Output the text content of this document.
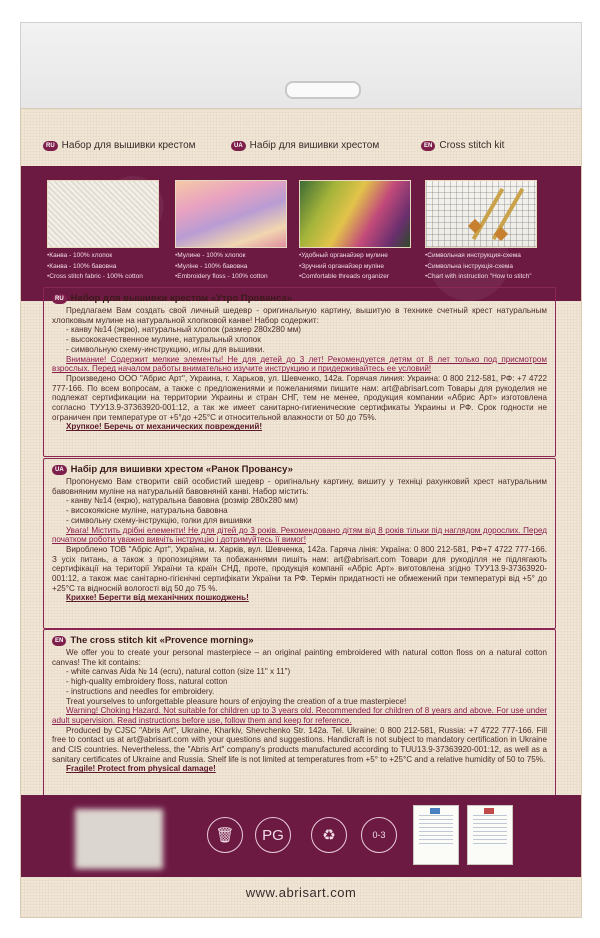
RU Набор для вышивки крестом	UA Набір для вишивки хрестом	EN Cross stitch kit
• Канва - 100% хлопок
• Канва - 100% бавовна
• Cross stitch fabric - 100% cotton
• Мулине - 100% хлопок
• Муліне - 100% бавовна
• Embroidery floss - 100% cotton
• Удобный органайзер мулине
• Зручний органайзер муліне
• Comfortable threads organizer
• Символьная инструкция-схема
• Символьна інструкція-схема
• Chart with instruction "How to stitch"
RU Набор для вышивки крестом «Утро Прованса»

Предлагаем Вам создать свой личный шедевр - оригинальную картину, вышитую в технике счетный крест натуральным хлопковым мулине на натуральной хлопковой канве! Набор содержит:

- канву №14 (экрю), натуральный хлопок (размер 280x280 мм)
- высококачественное мулине, натуральный хлопок
- символьную схему-инструкцию, иглы для вышивки.

Внимание! Содержит мелкие элементы! Не для детей до 3 лет! Рекомендуется детям от 8 лет только под присмотром взрослых. Перед началом работы внимательно изучите инструкцию и придерживайтесь ее условий!

Произведено ООО "Абрис Арт", Украина, г. Харьков, ул. Шевченко, 142а. Горячая линия: Украина: 0 800 212-581, РФ: +7 4722 777-166. По всем вопросам, а также с предложениями и пожеланиями пишите нам: art@abrisart.com Товары для рукоделия не подлежат сертификации на территории Украины и стран СНГ, тем не менее, продукция компании «Абрис Арт» изготовлена согласно ТУУ13.9-37363920-001:12, а так же имеет санитарно-гигиенические сертификаты Украины и РФ. Срок годности не ограничен при температуре от +5°до +25°С и относительной влажности от 50 до 75%.

Хрупкое! Беречь от механических повреждений!

UA Набір для вишивки хрестом «Ранок Провансу»

Пропонуємо Вам створити свій особистий шедевр - оригінальну картину, вишиту у техніці рахунковий хрест натуральним бавовняним муліне на натуральній бавовняній канві. Набор містить:

- канву №14 (екрю), натуральна бавовна (розмір 280x280 мм)
- високоякісне муліне, натуральна бавовна
- символьну схему-інструкцію, голки для вишивки

Увага! Містить дрібні елементи! Не для дітей до 3 років. Рекомендовано дітям від 8 років тільки під наглядом дорослих. Перед початком роботи уважно вивчіть інструкцію і дотримуйтесь її вимог!

Виробленo ТОВ "Абріс Арт", Україна, м. Харків, вул. Шевченка, 142а. Гаряча лінія: Україна: 0 800 212-581, РФ+7 4722 777-166. З усіх питань, а також з пропозиціями та побажаннями пишіть нам: art@abrisart.com Товари для рукоділля не підлягають сертифікації на території України та країн СНД, проте, продукція компанії «Абріс Арт» виготовлена згідно ТУУ13.9-37363920-001:12, а також має санітарно-гігієнічні сертифікати України та РФ. Термін придатності не обмежений при температурі від +5° до +25°С та відносній вологості від 50 до 75 %.

Крихке! Берегти від механічних пошкоджень!

EN The cross stitch kit «Provence morning»

We offer you to create your personal masterpiece – an original painting embroidered with natural cotton floss on a natural cotton canvas! The kit contains:

- white canvas Aida № 14 (ecru), natural cotton (size 11" x 11")
- high-quality embroidery floss, natural cotton
- instructions and needles for embroidery.

Treat yourselves to unforgettable pleasure hours of enjoying the creation of a true masterpiece!

Warning! Choking Hazard. Not suitable for children up to 3 years old. Recommended for children of 8 years and above. For use under adult supervision. Read instructions before use, follow them and keep for reference.

Produced by CJSC "Abris Art", Ukraine, Kharkiv, Shevchenko Str. 142a. Tel. Ukraine: 0 800 212-581, Russia: +7 4722 777-166. Fill free to contact us at art@abrisart.com with your questions and suggestions. Handicraft is not subject to mandatory certification in Ukraine and CIS countries. Nevertheless, the "Abris Art" company's products manufactured according to TUU13.9-37363920-001:12, as well as a sanitary certificates of Ukraine and Russia. Shelf life is not limited at temperatures from +5° to +25°C and a relative humidity of 50 to 75%.

Fragile! Protect from physical damage!

🗑	PG	♻	0-3
www.abrisart.com
